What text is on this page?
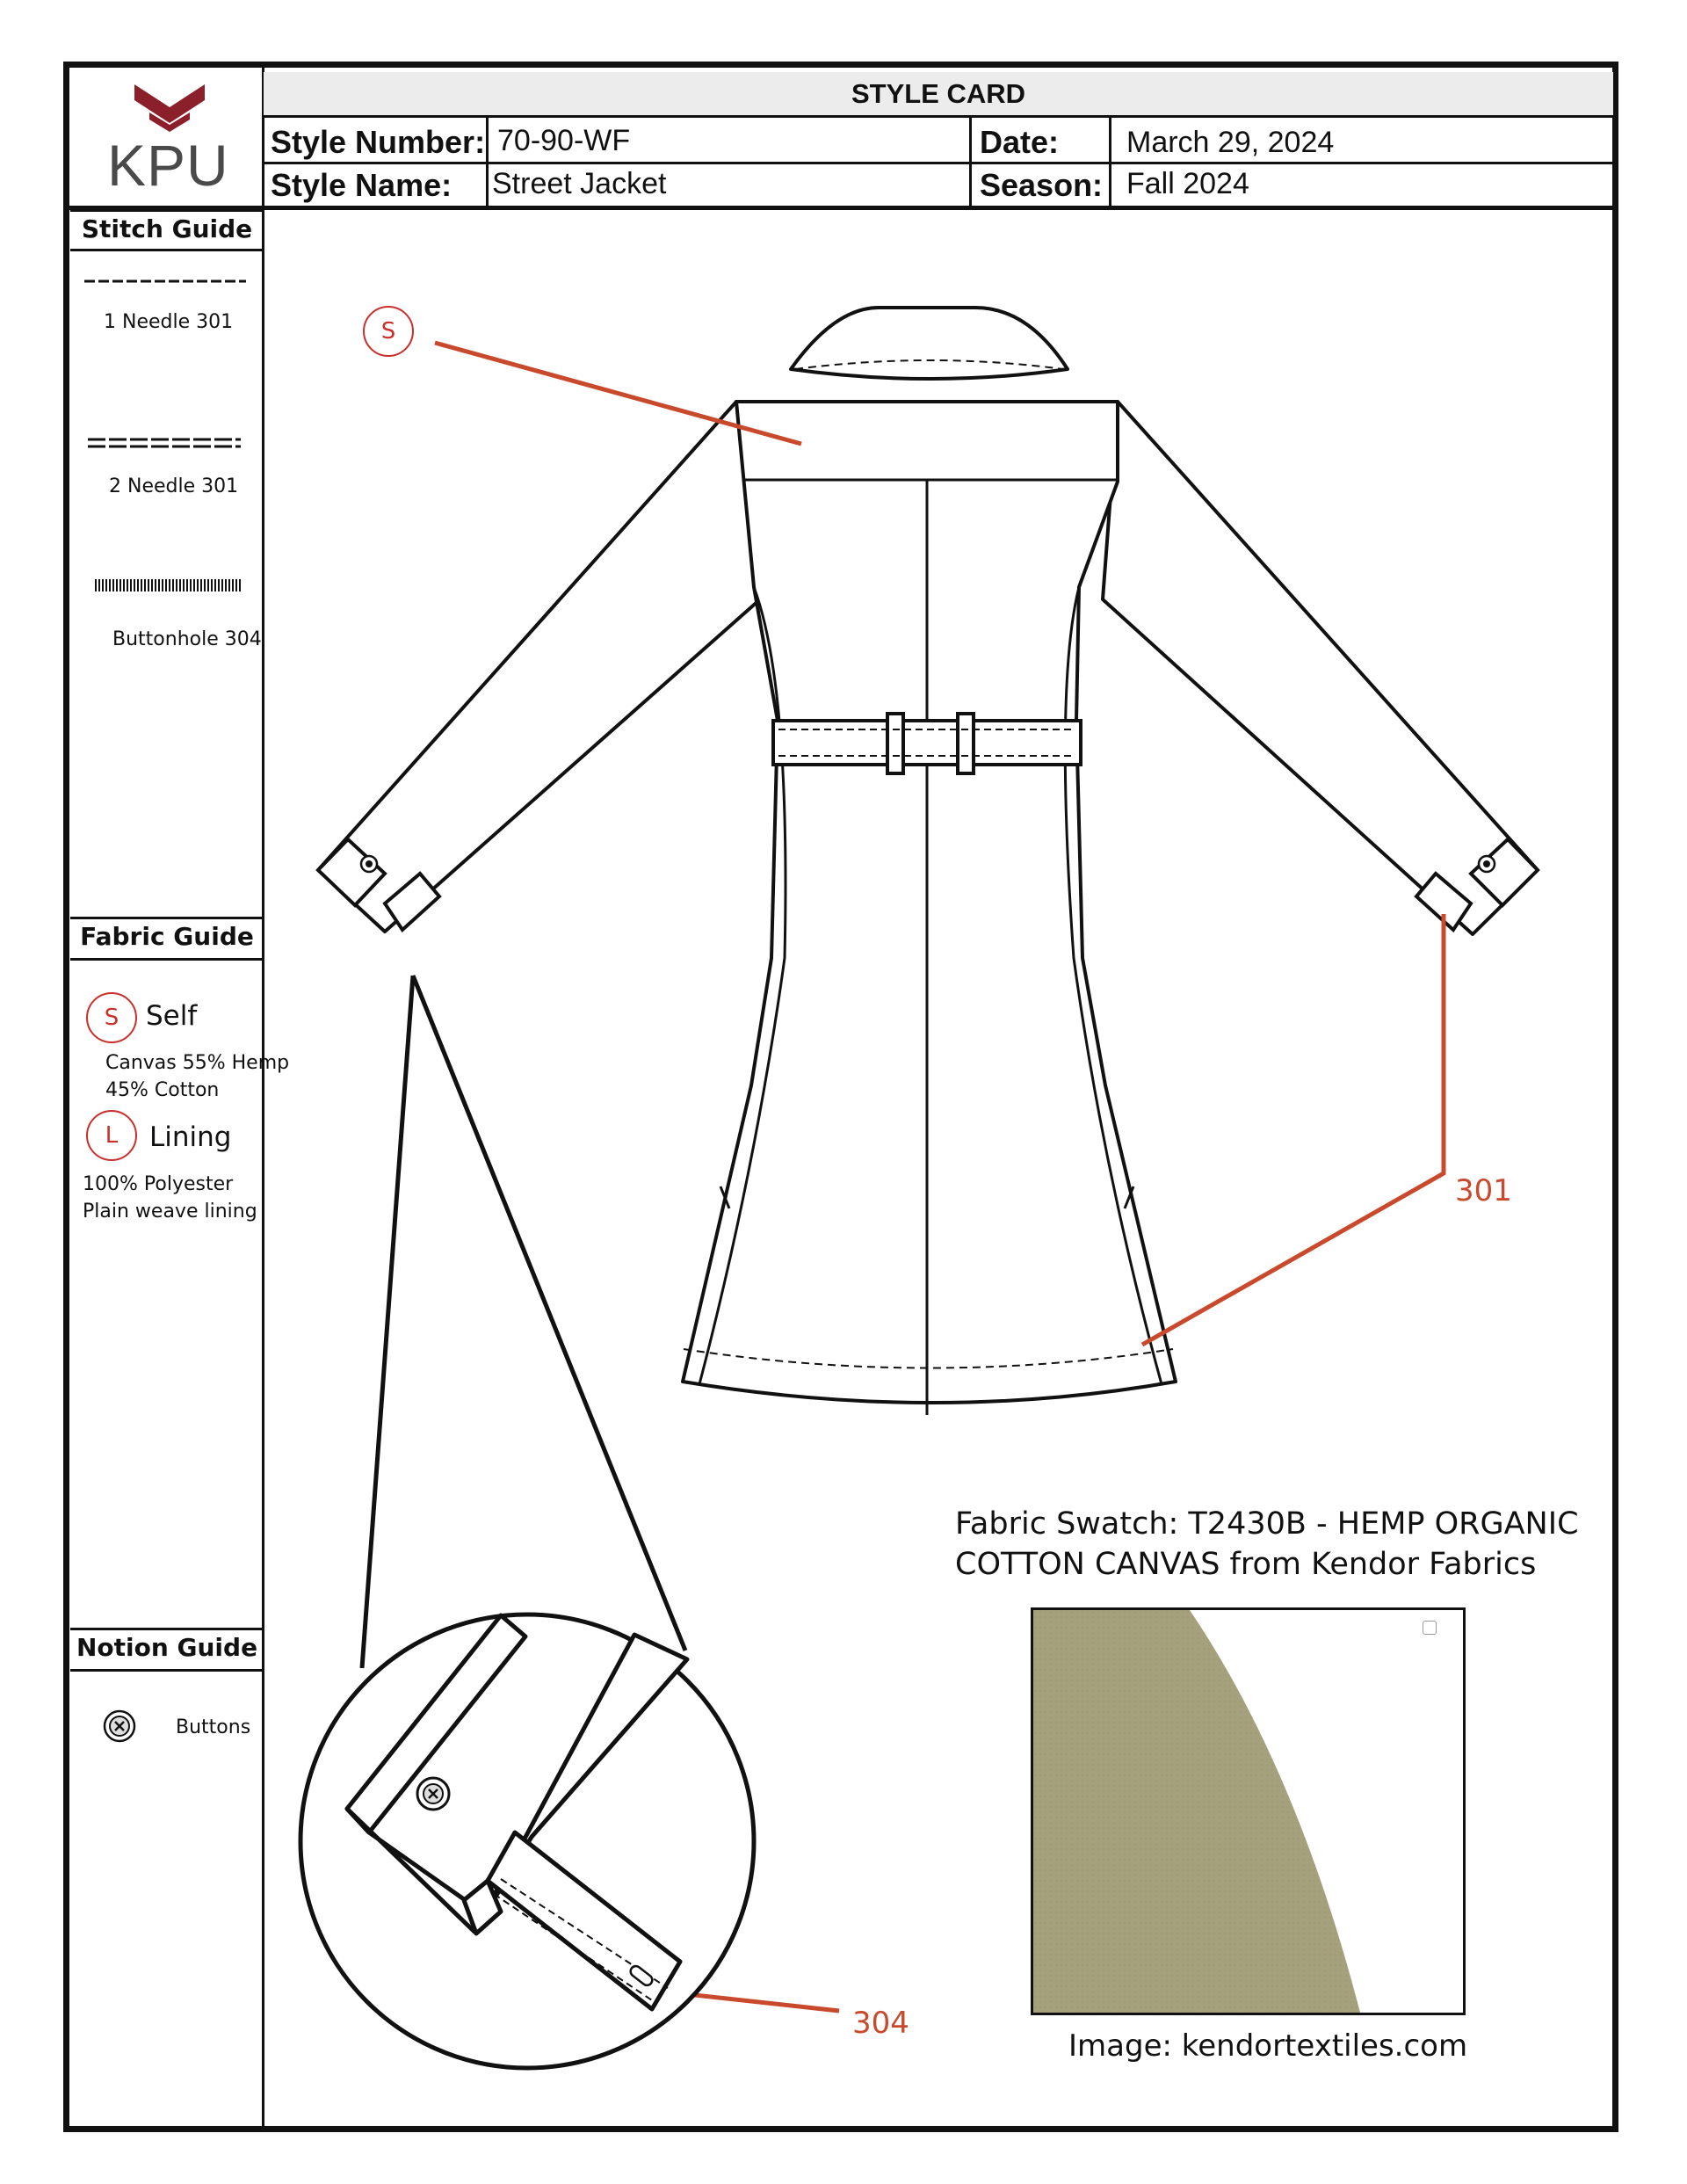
KPU
STYLE CARD
Style Number: 70-90-WF	Date: March 29, 2024
Style Name: Street Jacket	Season: Fall 2024
Stitch Guide
1 Needle 301
2 Needle 301
Buttonhole 304
Fabric Guide
S Self
Canvas 55% Hemp
45% Cotton
L	Lining
100% Polyester
Plain weave lining
Notion Guide
Buttons
S
301
304
Fabric Swatch: T2430B - HEMP ORGANIC
COTTON CANVAS from Kendor Fabrics
Image: kendortextiles.com
